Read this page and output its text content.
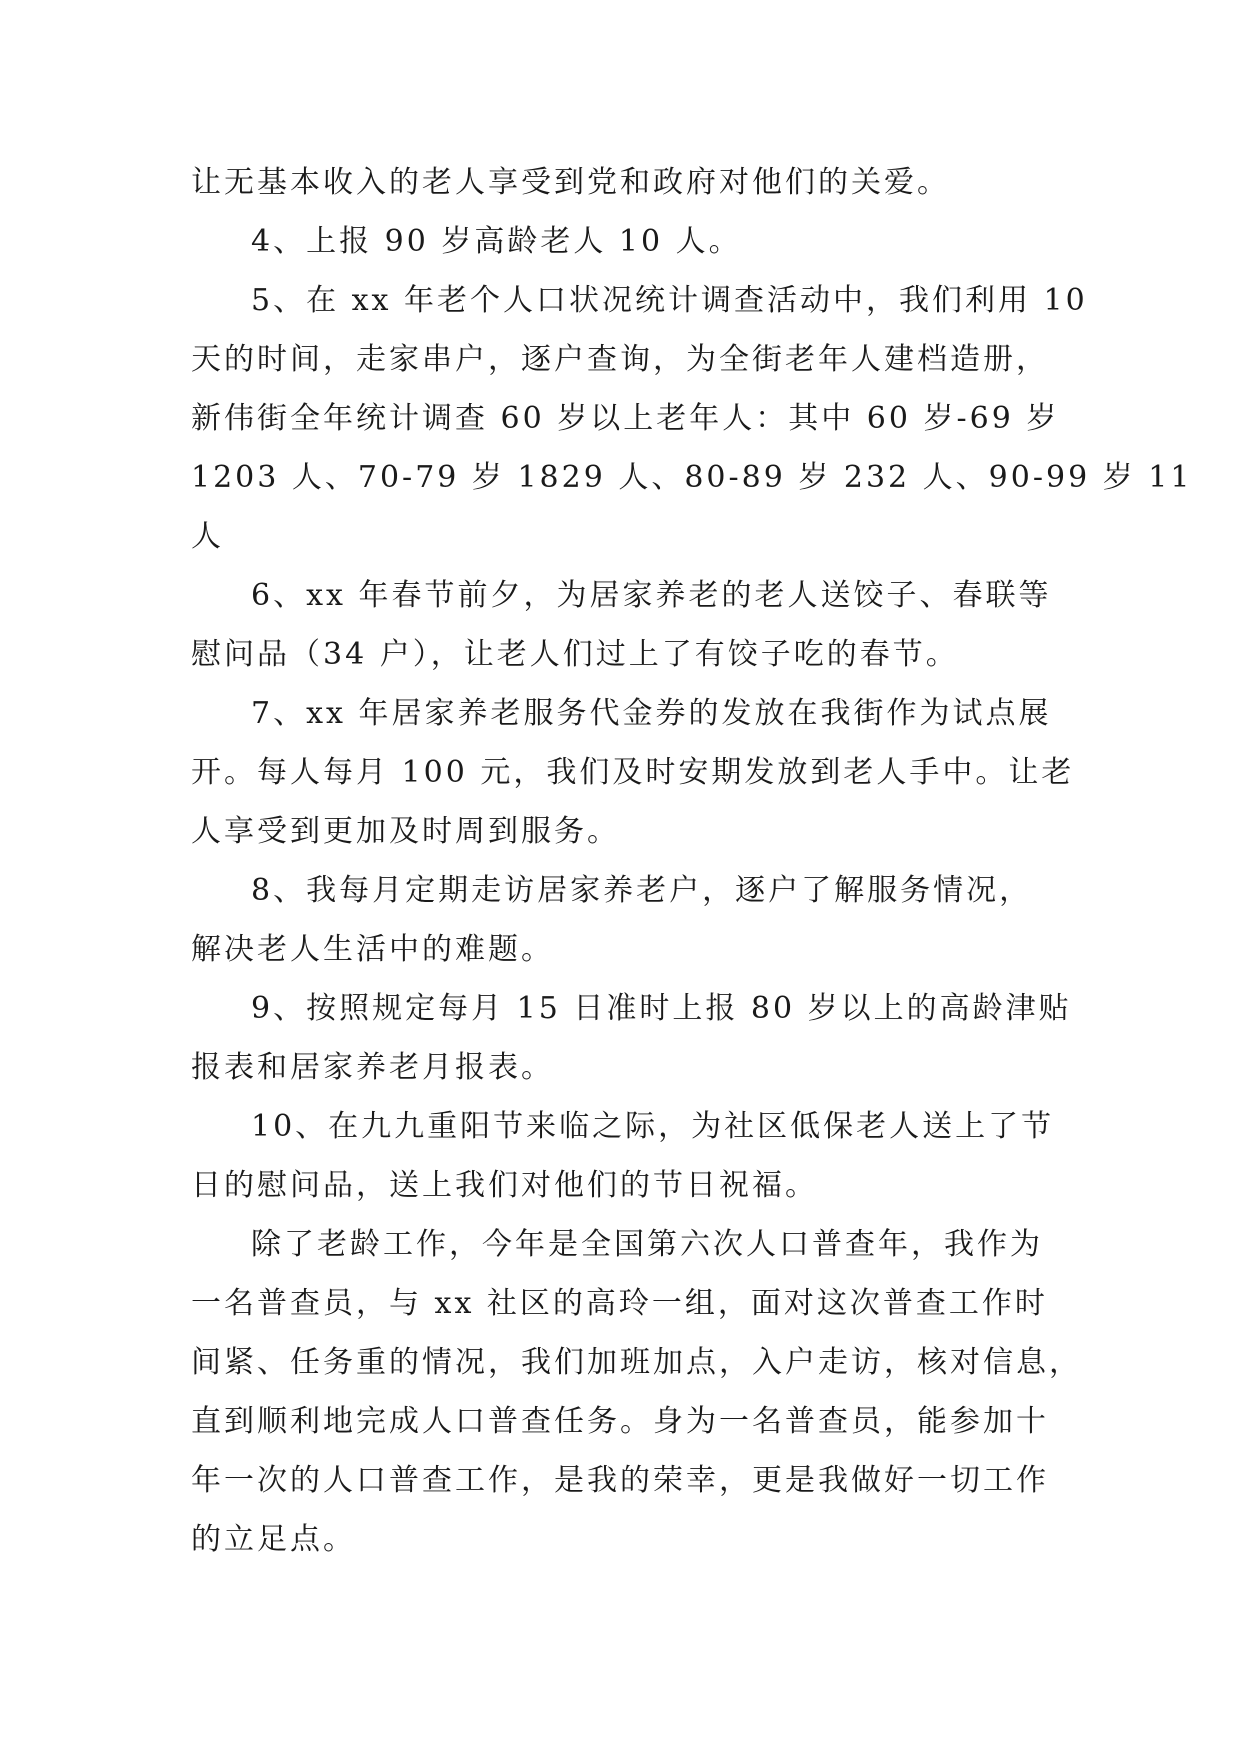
让无基本收入的老人享受到党和政府对他们的关爱。
4、上报 90 岁高龄老人 10 人。
5、在 xx 年老个人口状况统计调查活动中，我们利用 10
天的时间，走家串户，逐户查询，为全街老年人建档造册，
新伟街全年统计调查 60 岁以上老年人：其中 60 岁-69 岁
1203 人、70-79 岁 1829 人、80-89 岁 232 人、90-99 岁 11
人
6、xx 年春节前夕，为居家养老的老人送饺子、春联等
慰问品（34 户），让老人们过上了有饺子吃的春节。
7、xx 年居家养老服务代金券的发放在我街作为试点展
开。每人每月 100 元，我们及时安期发放到老人手中。让老
人享受到更加及时周到服务。
8、我每月定期走访居家养老户，逐户了解服务情况，
解决老人生活中的难题。
9、按照规定每月 15 日准时上报 80 岁以上的高龄津贴
报表和居家养老月报表。
10、在九九重阳节来临之际，为社区低保老人送上了节
日的慰问品，送上我们对他们的节日祝福。
除了老龄工作，今年是全国第六次人口普查年，我作为
一名普查员，与 xx 社区的高玲一组，面对这次普查工作时
间紧、任务重的情况，我们加班加点，入户走访，核对信息，
直到顺利地完成人口普查任务。身为一名普查员，能参加十
年一次的人口普查工作，是我的荣幸，更是我做好一切工作
的立足点。
